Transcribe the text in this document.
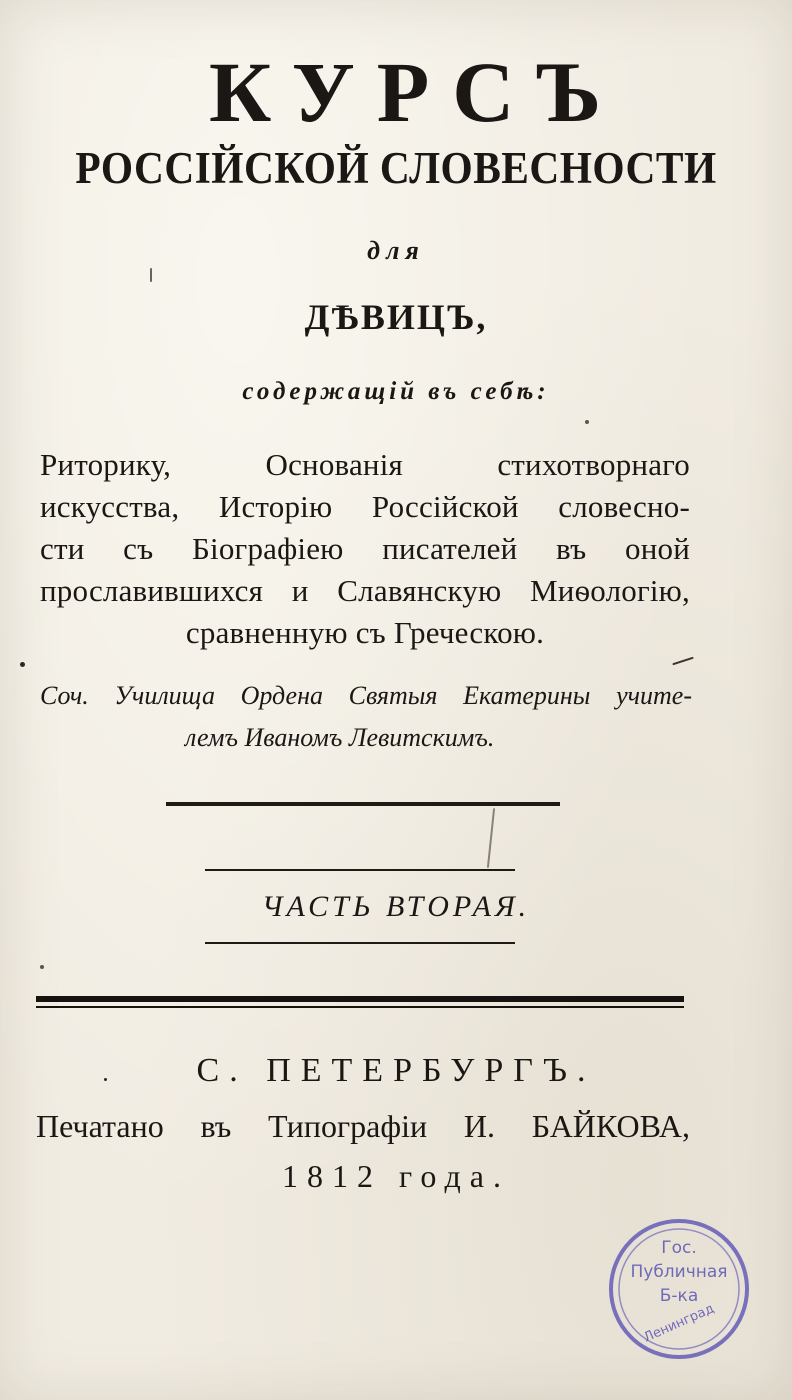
КУРСЪ
РОССІЙСКОЙ СЛОВЕСНОСТИ
для
ДѢВИЦЪ,
содержащій въ себѣ:
Риторику, Основанія стихотворнаго
искусства, Исторію Россійской словесно-
сти съ Біографіею писателей въ оной
прославившихся и Славянскую Миѳологію,
сравненную съ Греческою.
Соч. Училища Ордена Святыя Екатерины учите-
лемъ Иваномъ Левитскимъ.
ЧАСТЬ ВТОРАЯ.
С. ПЕТЕРБУРГЪ.
Печатано въ Типографіи И. БАЙКОВА,
1812 года.
Гос.
Публичная
Б-ка
Ленинград
